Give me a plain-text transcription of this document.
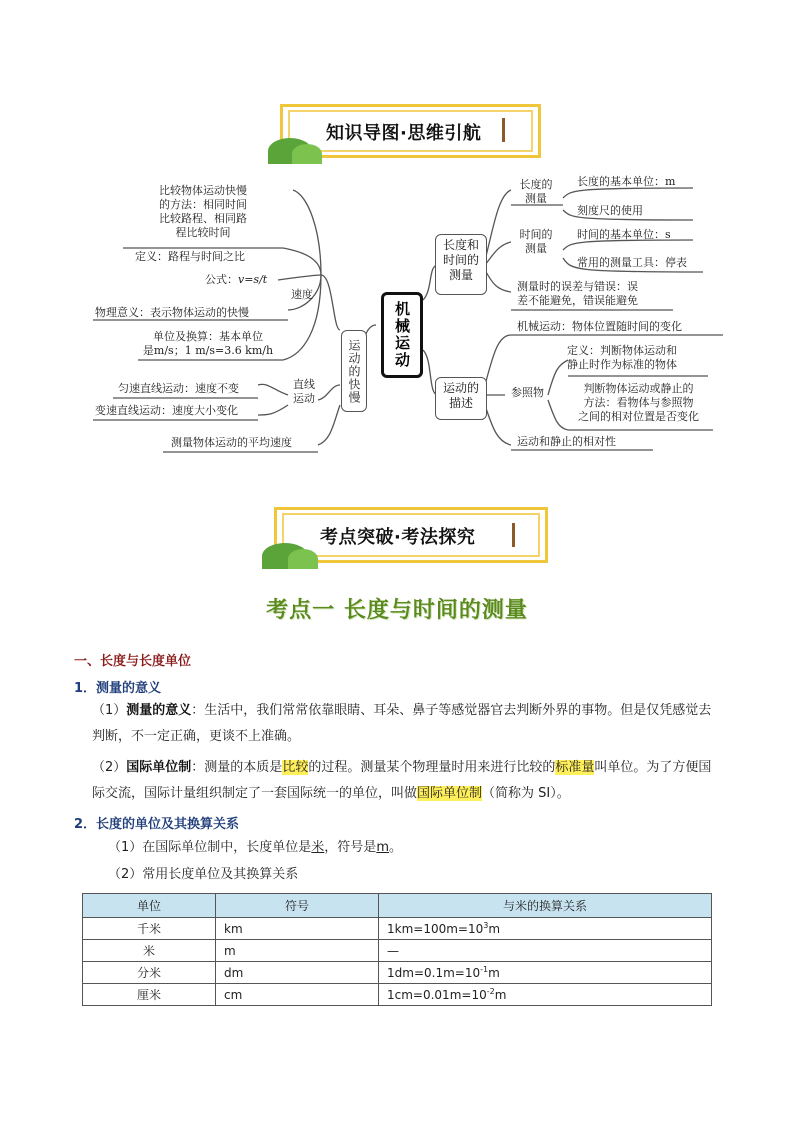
知识导图·思维引航
机械运动
运动的快慢
速度
比较物体运动快慢
的方法：相同时间
比较路程、相同路
程比较时间
定义：路程与时间之比
公式：v=s/t
物理意义：表示物体运动的快慢
单位及换算：基本单位
是m/s；1 m/s=3.6 km/h
直线
运动
匀速直线运动：速度不变
变速直线运动：速度大小变化
测量物体运动的平均速度
长度和
时间的
测量
长度的
测量
长度的基本单位：m
刻度尺的使用
时间的
测量
时间的基本单位：s
常用的测量工具：停表
测量时的误差与错误：误
差不能避免，错误能避免
运动的
描述
机械运动：物体位置随时间的变化
参照物
定义：判断物体运动和
静止时作为标准的物体
判断物体运动或静止的
方法：看物体与参照物
之间的相对位置是否变化
运动和静止的相对性
考点突破·考法探究
考点一 长度与时间的测量
一、长度与长度单位
1．测量的意义
（1）测量的意义：生活中，我们常常依靠眼睛、耳朵、鼻子等感觉器官去判断外界的事物。但是仅凭感觉去判断，不一定正确，更谈不上准确。
（2）国际单位制：测量的本质是比较的过程。测量某个物理量时用来进行比较的标准量叫单位。为了方便国际交流，国际计量组织制定了一套国际统一的单位，叫做国际单位制（简称为 SI）。
2．长度的单位及其换算关系
（1）在国际单位制中，长度单位是米，符号是m。
（2）常用长度单位及其换算关系
单位	符号	与米的换算关系
千米	km	$1km=100m=10^3m$
米	m	—
分米	dm	$1dm=0.1m=10^{-1}m$
厘米	cm	$1cm=0.01m=10^{-2}m$
